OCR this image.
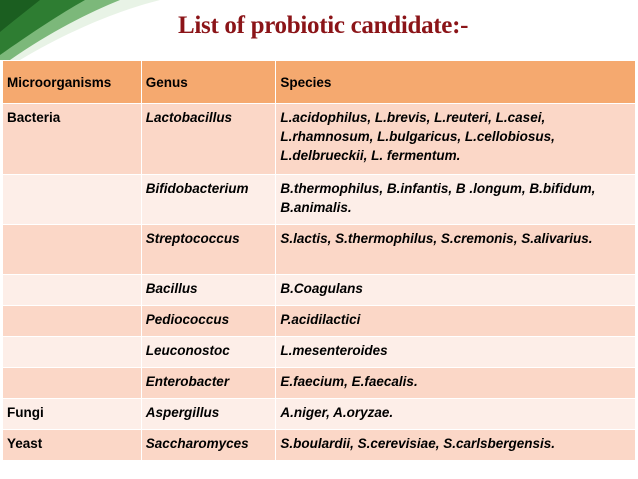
List of probiotic candidate:-
Microorganisms	Genus	Species
Bacteria	Lactobacillus	L.acidophilus, L.brevis, L.reuteri, L.casei, L.rhamnosum, L.bulgaricus, L.cellobiosus, L.delbrueckii, L. fermentum.
	Bifidobacterium	B.thermophilus, B.infantis, B .longum, B.bifidum, B.animalis.
	Streptococcus	S.lactis, S.thermophilus, S.cremonis, S.alivarius.
	Bacillus	B.Coagulans
	Pediococcus	P.acidilactici
	Leuconostoc	L.mesenteroides
	Enterobacter	E.faecium, E.faecalis.
Fungi	Aspergillus	A.niger, A.oryzae.
Yeast	Saccharomyces	S.boulardii, S.cerevisiae, S.carlsbergensis.
